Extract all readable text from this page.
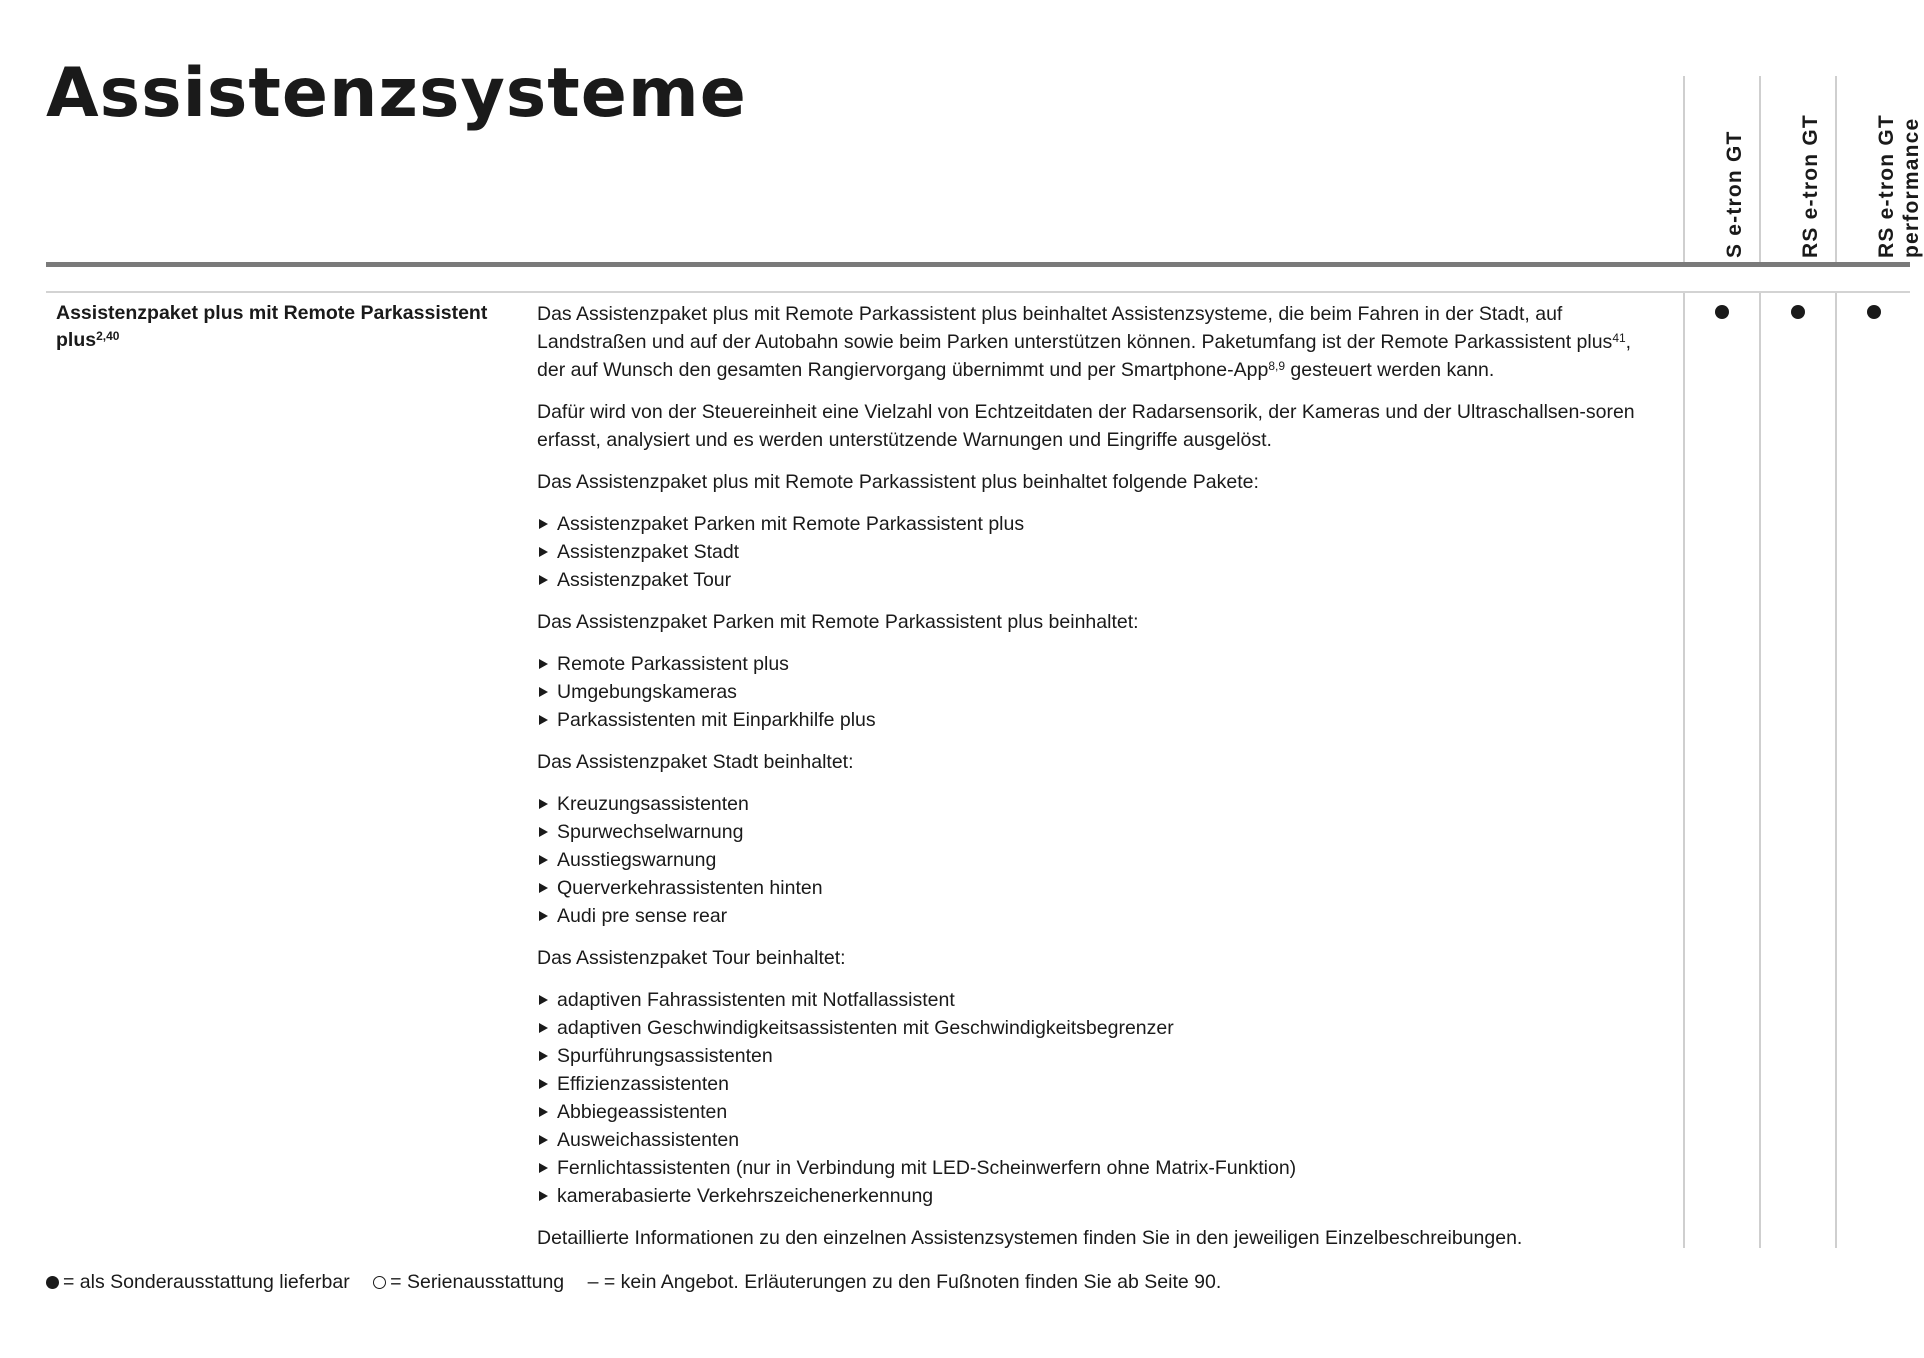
Assistenzsysteme
S e-tron GT	RS e-tron GT	RS e-tron GT
performance

Assistenzpaket plus mit Remote Parkassistent plus$^{2,40}$

Das Assistenzpaket plus mit Remote Parkassistent plus beinhaltet Assistenzsysteme, die beim Fahren in der Stadt, auf Landstraßen und auf der Autobahn sowie beim Parken unterstützen können. Paketumfang ist der Remote Parkassistent plus$^{41}$, der auf Wunsch den gesamten Rangiervorgang übernimmt und per Smartphone-App$^{8,9}$ gesteuert werden kann.

Dafür wird von der Steuereinheit eine Vielzahl von Echtzeitdaten der Radarsensorik, der Kameras und der Ultraschallsen-soren erfasst, analysiert und es werden unterstützende Warnungen und Eingriffe ausgelöst.

Das Assistenzpaket plus mit Remote Parkassistent plus beinhaltet folgende Pakete:

Assistenzpaket Parken mit Remote Parkassistent plus
Assistenzpaket Stadt
Assistenzpaket Tour

Das Assistenzpaket Parken mit Remote Parkassistent plus beinhaltet:

Remote Parkassistent plus
Umgebungskameras
Parkassistenten mit Einparkhilfe plus

Das Assistenzpaket Stadt beinhaltet:

Kreuzungsassistenten
Spurwechselwarnung
Ausstiegswarnung
Querverkehrassistenten hinten
Audi pre sense rear

Das Assistenzpaket Tour beinhaltet:

adaptiven Fahrassistenten mit Notfallassistent
adaptiven Geschwindigkeitsassistenten mit Geschwindigkeitsbegrenzer
Spurführungsassistenten
Effizienzassistenten
Abbiegeassistenten
Ausweichassistenten
Fernlichtassistenten (nur in Verbindung mit LED-Scheinwerfern ohne Matrix-Funktion)
kamerabasierte Verkehrszeichenerkennung

Detaillierte Informationen zu den einzelnen Assistenzsystemen finden Sie in den jeweiligen Einzelbeschreibungen.

= als Sonderausstattung lieferbar = Serienausstattung – = kein Angebot. Erläuterungen zu den Fußnoten finden Sie ab Seite 90.
